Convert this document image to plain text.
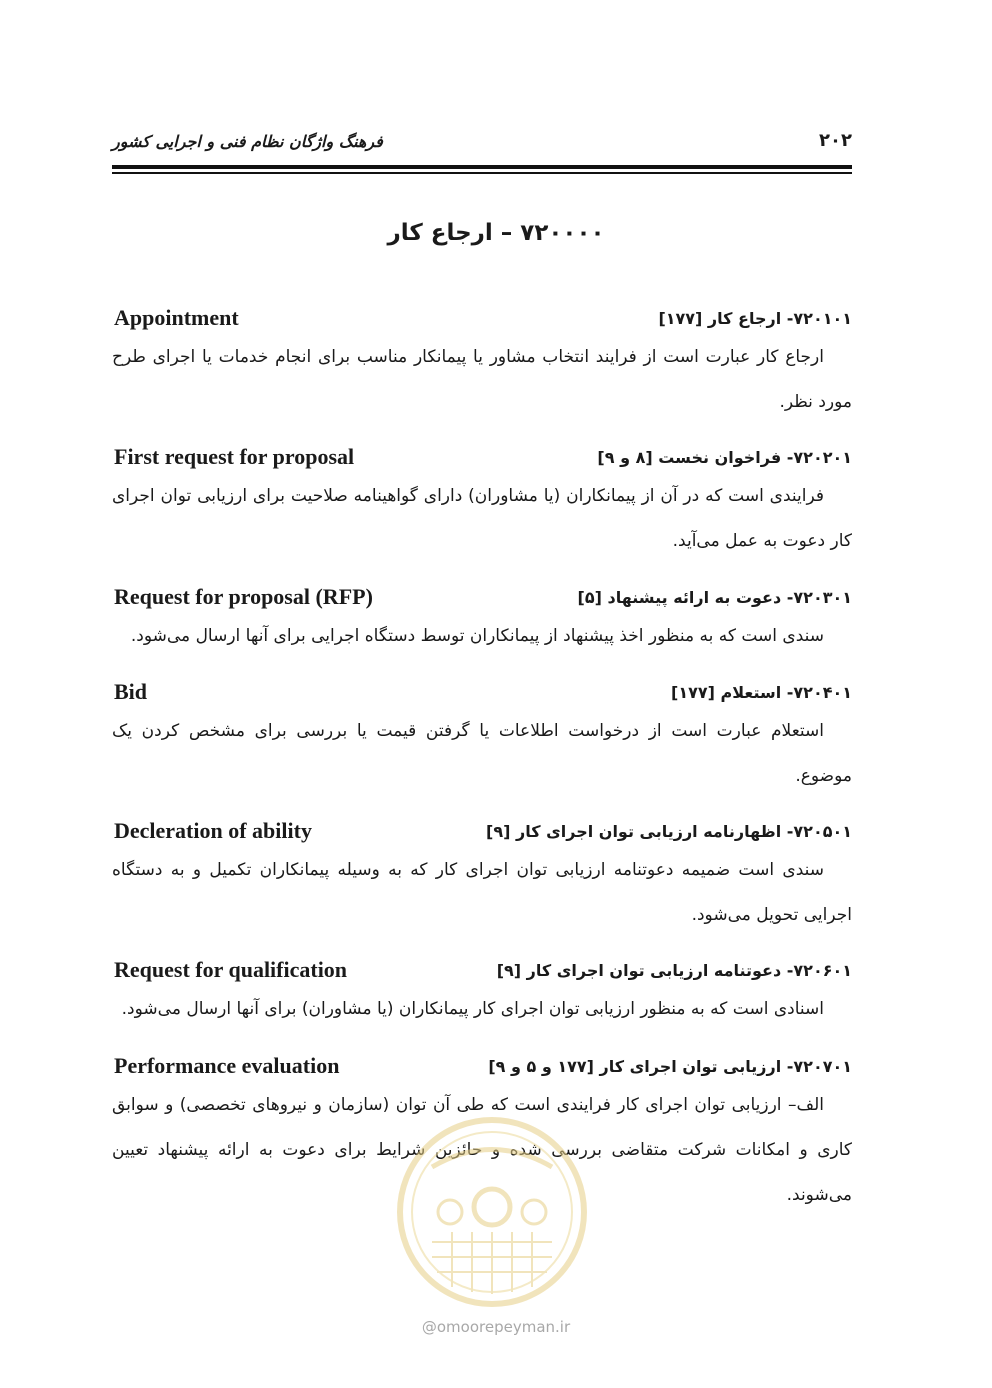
فرهنگ واژگان نظام فنی و اجرایی کشور	۲۰۲
۷۲۰۰۰۰ – ارجاع کار
۷۲۰۱۰۱- ارجاع کار [۱۷۷]
Appointment
ارجاع کار عبارت است از فرایند انتخاب مشاور یا پیمانکار مناسب برای انجام خدمات یا اجرای طرح مورد نظر.
۷۲۰۲۰۱- فراخوان نخست [۸ و ۹]
First request for proposal
فرایندی است که در آن از پیمانکاران (یا مشاوران) دارای گواهینامه صلاحیت برای ارزیابی توان اجرای کار دعوت به عمل می‌آید.
۷۲۰۳۰۱- دعوت به ارائه پیشنهاد [۵]
Request for proposal (RFP)
سندی است که به منظور اخذ پیشنهاد از پیمانکاران توسط دستگاه اجرایی برای آنها ارسال می‌شود.
۷۲۰۴۰۱- استعلام [۱۷۷]
Bid
استعلام عبارت است از درخواست اطلاعات یا گرفتن قیمت یا بررسی برای مشخص کردن یک موضوع.
۷۲۰۵۰۱- اظهارنامه ارزیابی توان اجرای کار [۹]
Decleration of ability
سندی است ضمیمه دعوتنامه ارزیابی توان اجرای کار که به وسیله پیمانکاران تکمیل و به دستگاه اجرایی تحویل می‌شود.
۷۲۰۶۰۱- دعوتنامه ارزیابی توان اجرای کار [۹]
Request for qualification
اسنادی است که به منظور ارزیابی توان اجرای کار پیمانکاران (یا مشاوران) برای آنها ارسال می‌شود.
۷۲۰۷۰۱- ارزیابی توان اجرای کار [۱۷۷ و ۵ و ۹]
Performance evaluation
الف– ارزیابی توان اجرای کار فرایندی است که طی آن توان (سازمان و نیروهای تخصصی) و سوابق کاری و امکانات شرکت متقاضی بررسی شده و حائزین شرایط برای دعوت به ارائه پیشنهاد تعیین می‌شوند.
@omoorepeyman.ir
